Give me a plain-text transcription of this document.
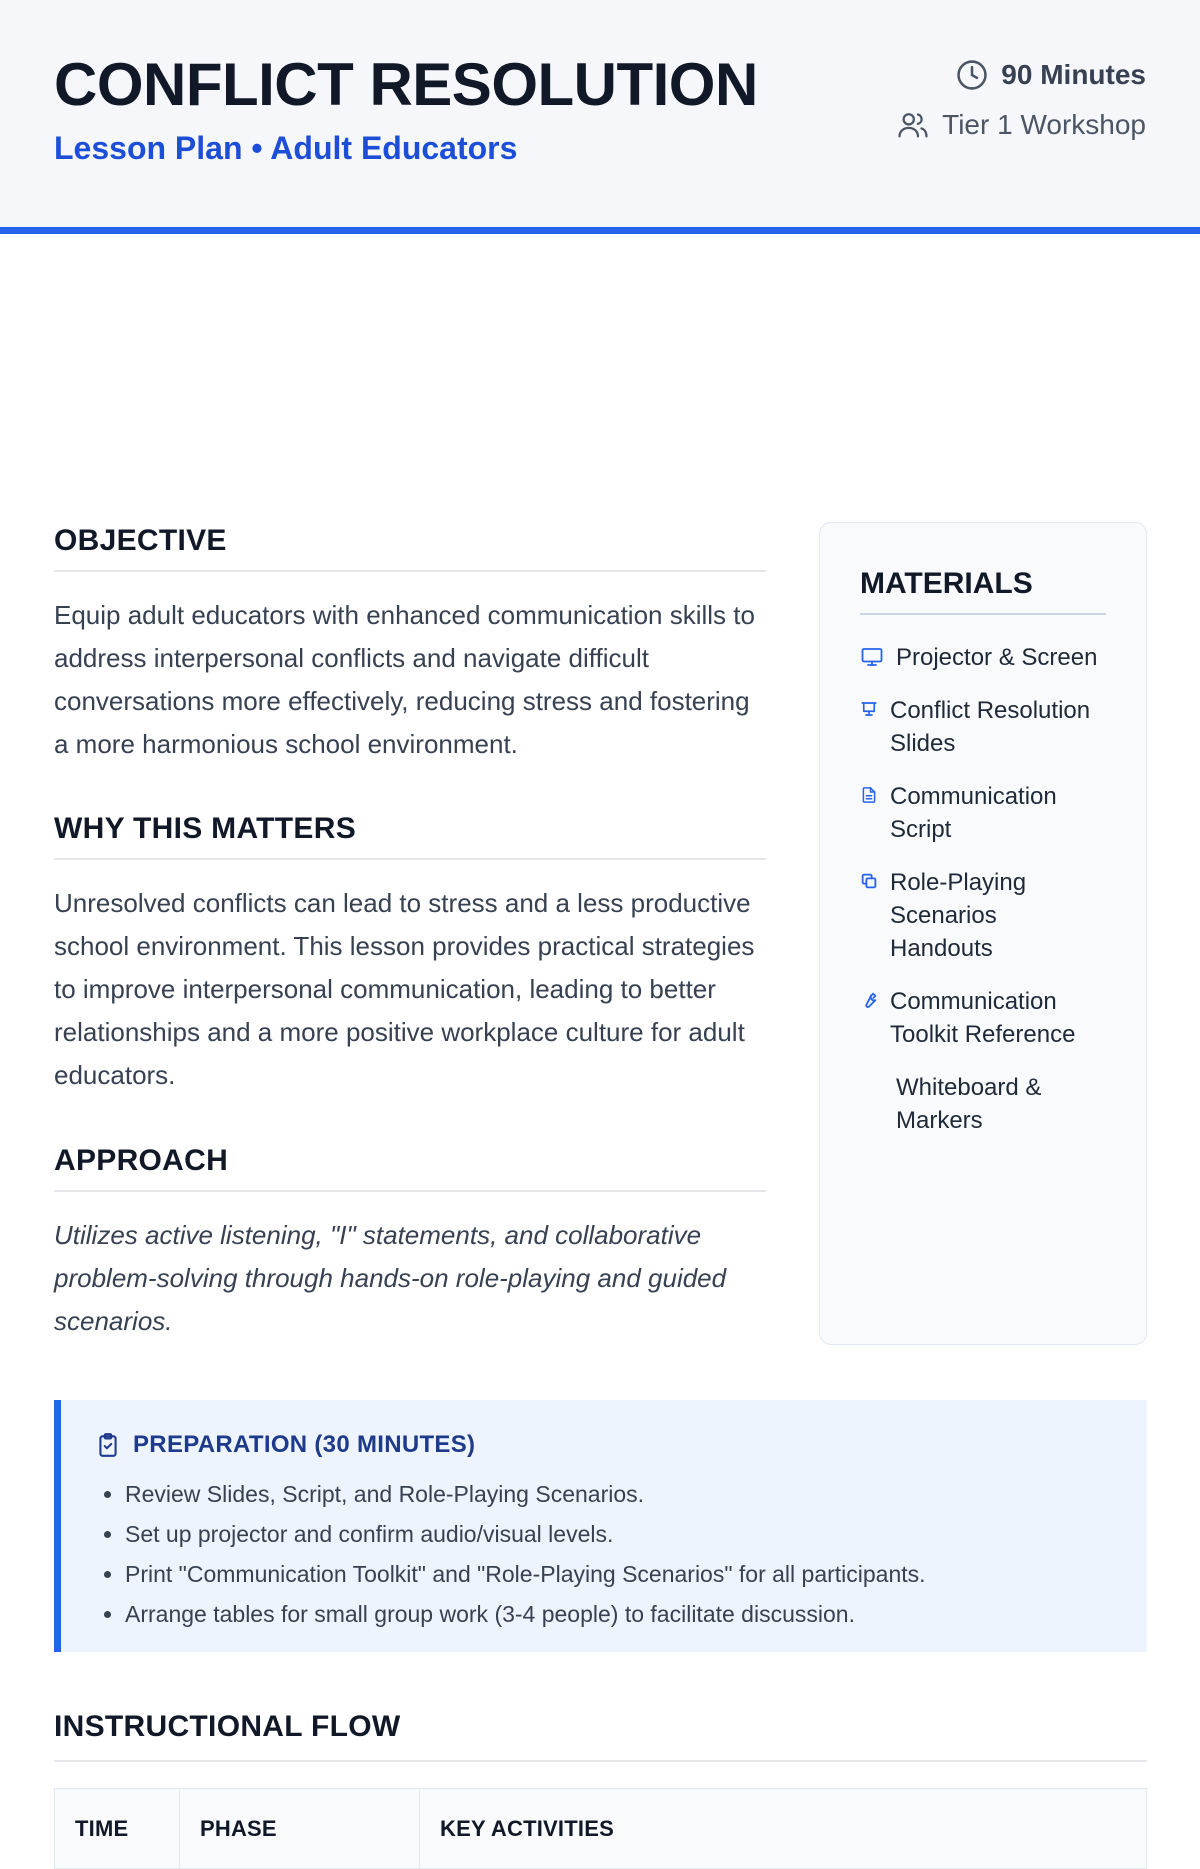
CONFLICT RESOLUTION
Lesson Plan • Adult Educators
90 Minutes
Tier 1 Workshop
OBJECTIVE

Equip adult educators with enhanced communication skills to address interpersonal conflicts and navigate difficult conversations more effectively, reducing stress and fostering a more harmonious school environment.

WHY THIS MATTERS

Unresolved conflicts can lead to stress and a less productive school environment. This lesson provides practical strategies to improve interpersonal communication, leading to better relationships and a more positive workplace culture for adult educators.

APPROACH

Utilizes active listening, "I" statements, and collaborative problem-solving through hands-on role-playing and guided scenarios.

MATERIALS
Projector & Screen
Conflict Resolution Slides
Communication Script
Role-Playing Scenarios Handouts
Communication Toolkit Reference
Whiteboard & Markers
PREPARATION (30 MINUTES)
• Review Slides, Script, and Role-Playing Scenarios.
• Set up projector and confirm audio/visual levels.
• Print "Communication Toolkit" and "Role-Playing Scenarios" for all participants.
• Arrange tables for small group work (3-4 people) to facilitate discussion.
INSTRUCTIONAL FLOW
TIME	PHASE	KEY ACTIVITIES
